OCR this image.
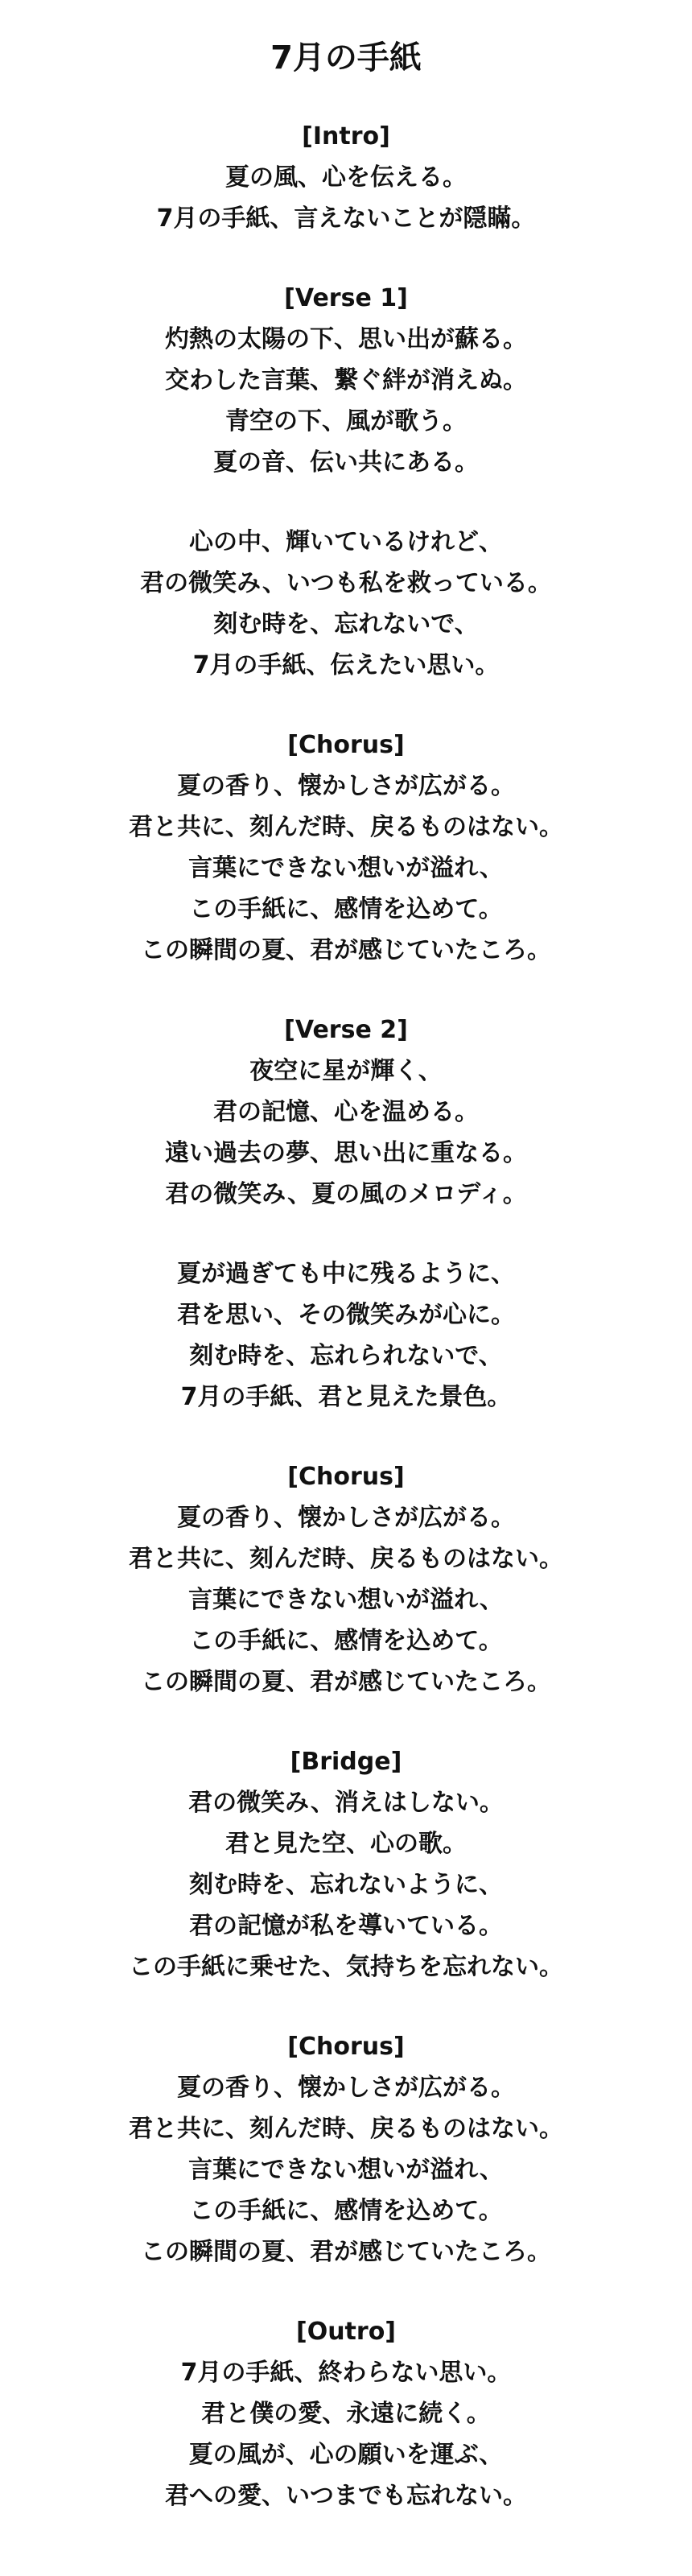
7月の手紙
[Intro]
夏の風、心を伝える。
7月の手紙、言えないことが隠瞞。
[Verse 1]
灼熱の太陽の下、思い出が蘇る。
交わした言葉、繋ぐ絆が消えぬ。
青空の下、風が歌う。
夏の音、伝い共にある。
心の中、輝いているけれど、
君の微笑み、いつも私を救っている。
刻む時を、忘れないで、
7月の手紙、伝えたい思い。
[Chorus]
夏の香り、懐かしさが広がる。
君と共に、刻んだ時、戻るものはない。
言葉にできない想いが溢れ、
この手紙に、感情を込めて。
この瞬間の夏、君が感じていたころ。
[Verse 2]
夜空に星が輝く、
君の記憶、心を温める。
遠い過去の夢、思い出に重なる。
君の微笑み、夏の風のメロディ。
夏が過ぎても中に残るように、
君を思い、その微笑みが心に。
刻む時を、忘れられないで、
7月の手紙、君と見えた景色。
[Chorus]
夏の香り、懐かしさが広がる。
君と共に、刻んだ時、戻るものはない。
言葉にできない想いが溢れ、
この手紙に、感情を込めて。
この瞬間の夏、君が感じていたころ。
[Bridge]
君の微笑み、消えはしない。
君と見た空、心の歌。
刻む時を、忘れないように、
君の記憶が私を導いている。
この手紙に乗せた、気持ちを忘れない。
[Chorus]
夏の香り、懐かしさが広がる。
君と共に、刻んだ時、戻るものはない。
言葉にできない想いが溢れ、
この手紙に、感情を込めて。
この瞬間の夏、君が感じていたころ。
[Outro]
7月の手紙、終わらない思い。
君と僕の愛、永遠に続く。
夏の風が、心の願いを運ぶ、
君への愛、いつまでも忘れない。
